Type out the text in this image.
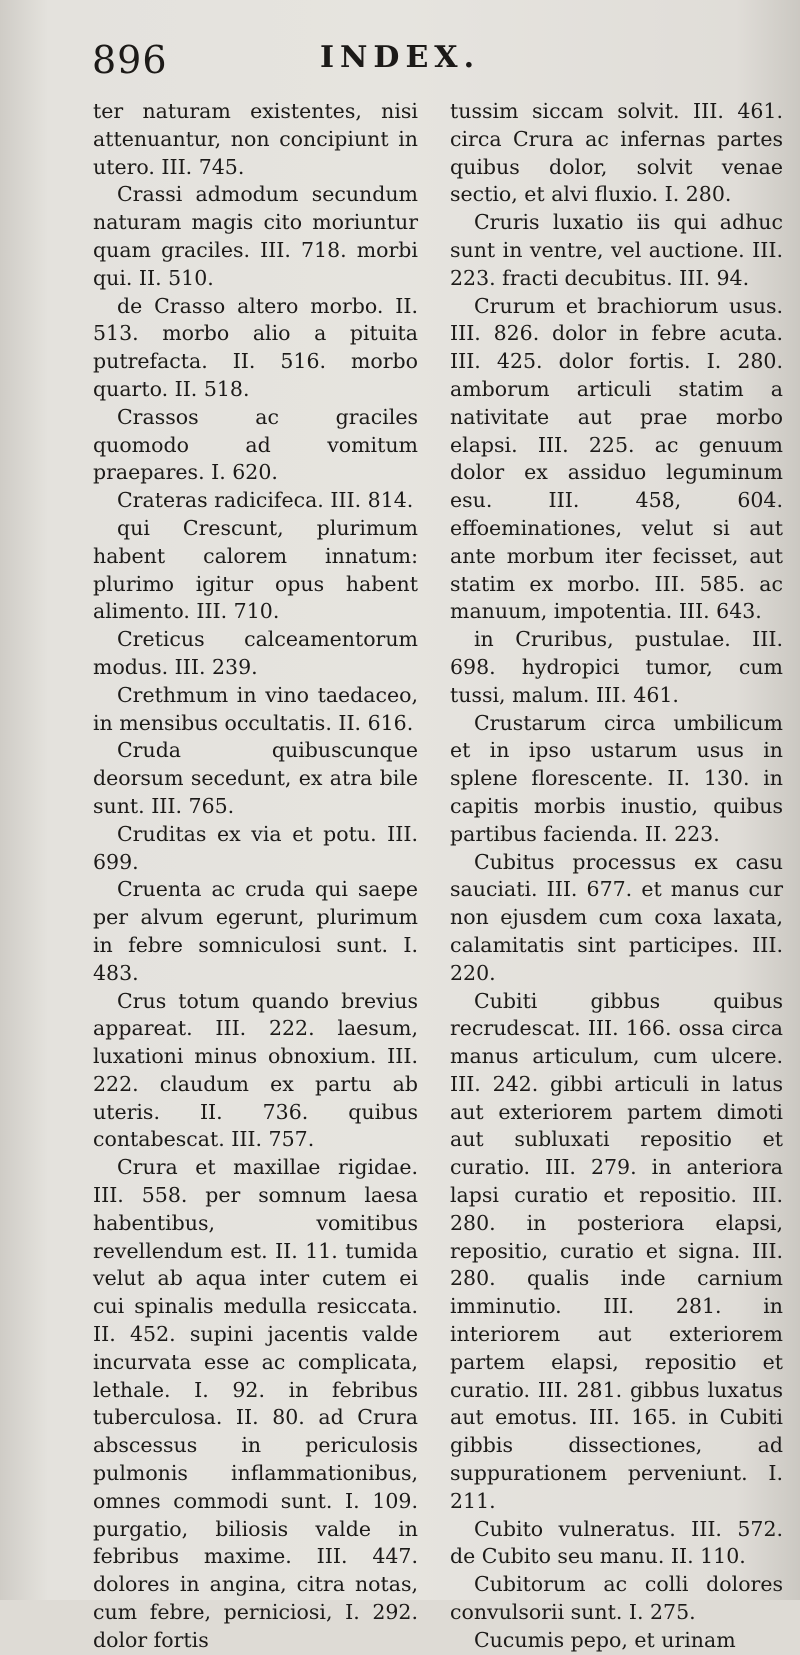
896	INDEX.

ter naturam existentes, nisi attenuantur, non concipiunt in utero. III. 745.

Crassi admodum secundum naturam magis cito moriuntur quam graciles. III. 718. morbi qui. II. 510.

de Crasso altero morbo. II. 513. morbo alio a pituita putrefacta. II. 516. morbo quarto. II. 518.

Crassos ac graciles quomodo ad vomitum praepares. I. 620.

Crateras radicifeca. III. 814.

qui Crescunt, plurimum habent calorem innatum: plurimo igitur opus habent alimento. III. 710.

Creticus calceamentorum modus. III. 239.

Crethmum in vino taedaceo, in mensibus occultatis. II. 616.

Cruda quibuscunque deorsum secedunt, ex atra bile sunt. III. 765.

Cruditas ex via et potu. III. 699.

Cruenta ac cruda qui saepe per alvum egerunt, plurimum in febre somniculosi sunt. I. 483.

Crus totum quando brevius appareat. III. 222. laesum, luxationi minus obnoxium. III. 222. claudum ex partu ab uteris. II. 736. quibus contabescat. III. 757.

Crura et maxillae rigidae. III. 558. per somnum laesa habentibus, vomitibus revellendum est. II. 11. tumida velut ab aqua inter cutem ei cui spinalis medulla resiccata. II. 452. supini jacentis valde incurvata esse ac complicata, lethale. I. 92. in febribus tuberculosa. II. 80. ad Crura abscessus in periculosis pulmonis inflammationibus, omnes commodi sunt. I. 109. purgatio, biliosis valde in febribus maxime. III. 447. dolores in angina, citra notas, cum febre, perniciosi, I. 292. dolor fortis

tussim siccam solvit. III. 461. circa Crura ac infernas partes quibus dolor, solvit venae sectio, et alvi fluxio. I. 280.

Cruris luxatio iis qui adhuc sunt in ventre, vel auctione. III. 223. fracti decubitus. III. 94.

Crurum et brachiorum usus. III. 826. dolor in febre acuta. III. 425. dolor fortis. I. 280. amborum articuli statim a nativitate aut prae morbo elapsi. III. 225. ac genuum dolor ex assiduo leguminum esu. III. 458, 604. effoeminationes, velut si aut ante morbum iter fecisset, aut statim ex morbo. III. 585. ac manuum, impotentia. III. 643.

in Cruribus, pustulae. III. 698. hydropici tumor, cum tussi, malum. III. 461.

Crustarum circa umbilicum et in ipso ustarum usus in splene florescente. II. 130. in capitis morbis inustio, quibus partibus facienda. II. 223.

Cubitus processus ex casu sauciati. III. 677. et manus cur non ejusdem cum coxa laxata, calamitatis sint participes. III. 220.

Cubiti gibbus quibus recrudescat. III. 166. ossa circa manus articulum, cum ulcere. III. 242. gibbi articuli in latus aut exteriorem partem dimoti aut subluxati repositio et curatio. III. 279. in anteriora lapsi curatio et repositio. III. 280. in posteriora elapsi, repositio, curatio et signa. III. 280. qualis inde carnium imminutio. III. 281. in interiorem aut exteriorem partem elapsi, repositio et curatio. III. 281. gibbus luxatus aut emotus. III. 165. in Cubiti gibbis dissectiones, ad suppurationem perveniunt. I. 211.

Cubito vulneratus. III. 572. de Cubito seu manu. II. 110.

Cubitorum ac colli dolores convulsorii sunt. I. 275.

Cucumis pepo, et urinam
